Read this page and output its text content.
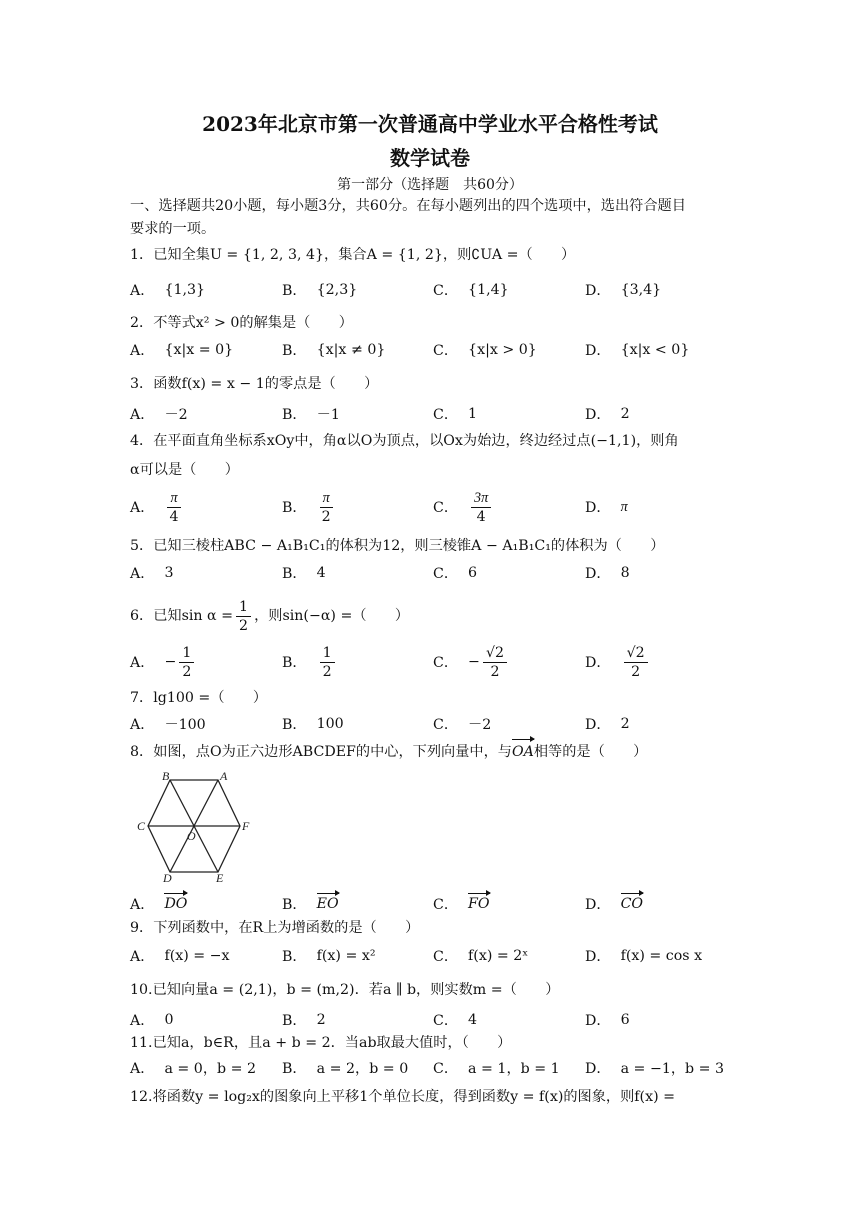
2023年北京市第一次普通高中学业水平合格性考试
数学试卷
第一部分（选择题　共60分）
一、选择题共20小题，每小题3分，共60分。在每小题列出的四个选项中，选出符合题目
要求的一项。
1．已知全集U = {1, 2, 3, 4}，集合A = {1, 2}，则∁UA =（　　）
A． {1,3}	B． {2,3}	C． {1,4}	D． {3,4}
2．不等式x² > 0的解集是（　　）
A． {x|x = 0}	B． {x|x ≠ 0}	C． {x|x > 0}	D． {x|x < 0}
3．函数f(x) = x − 1的零点是（　　）
A． －2	B． －1	C． 1	D． 2
4．在平面直角坐标系xOy中，角α以O为顶点，以Ox为始边，终边经过点(−1,1)，则角
α可以是（　　）
A． $\frac{\pi}{4}$	B． $\frac{\pi}{2}$	C． $\frac{3\pi}{4}$	D． π
5．已知三棱柱ABC − A₁B₁C₁的体积为12，则三棱锥A − A₁B₁C₁的体积为（　　）
A． 3	B． 4	C． 6	D． 8
6． 已知$\sin \alpha = \frac{1}{2}$ ，则sin(−α) =（　　）
A． − $\frac{1}{2}$	B． $\frac{1}{2}$	C． − $\frac{√2}{2}$	D． $\frac{√2}{2}$
7．lg100 =（　　）
A． －100	B． 100	C． －2	D． 2
8．如图，点O为正六边形ABCDEF的中心，下列向量中，与OA相等的是（　　）
B	A
C	F
O
D	E
A． DO	B． EO	C． FO	D． CO
9．下列函数中，在R上为增函数的是（　　）
A． f(x) = −x	B． f(x) = x²	C． f(x) = 2ˣ	D． f(x) = cos x
10.已知向量a = (2,1)，b = (m,2)．若a ∥ b，则实数m =（　　）
A． 0	B． 2	C． 4	D． 6
11.已知a，b∈R，且a + b = 2．当ab取最大值时，（　　）
A． a = 0，b = 2 B． a = 2，b = 0 C． a = 1，b = 1 D． a = −1，b = 3
12.将函数y = log₂x的图象向上平移1个单位长度，得到函数y = f(x)的图象，则f(x) =
